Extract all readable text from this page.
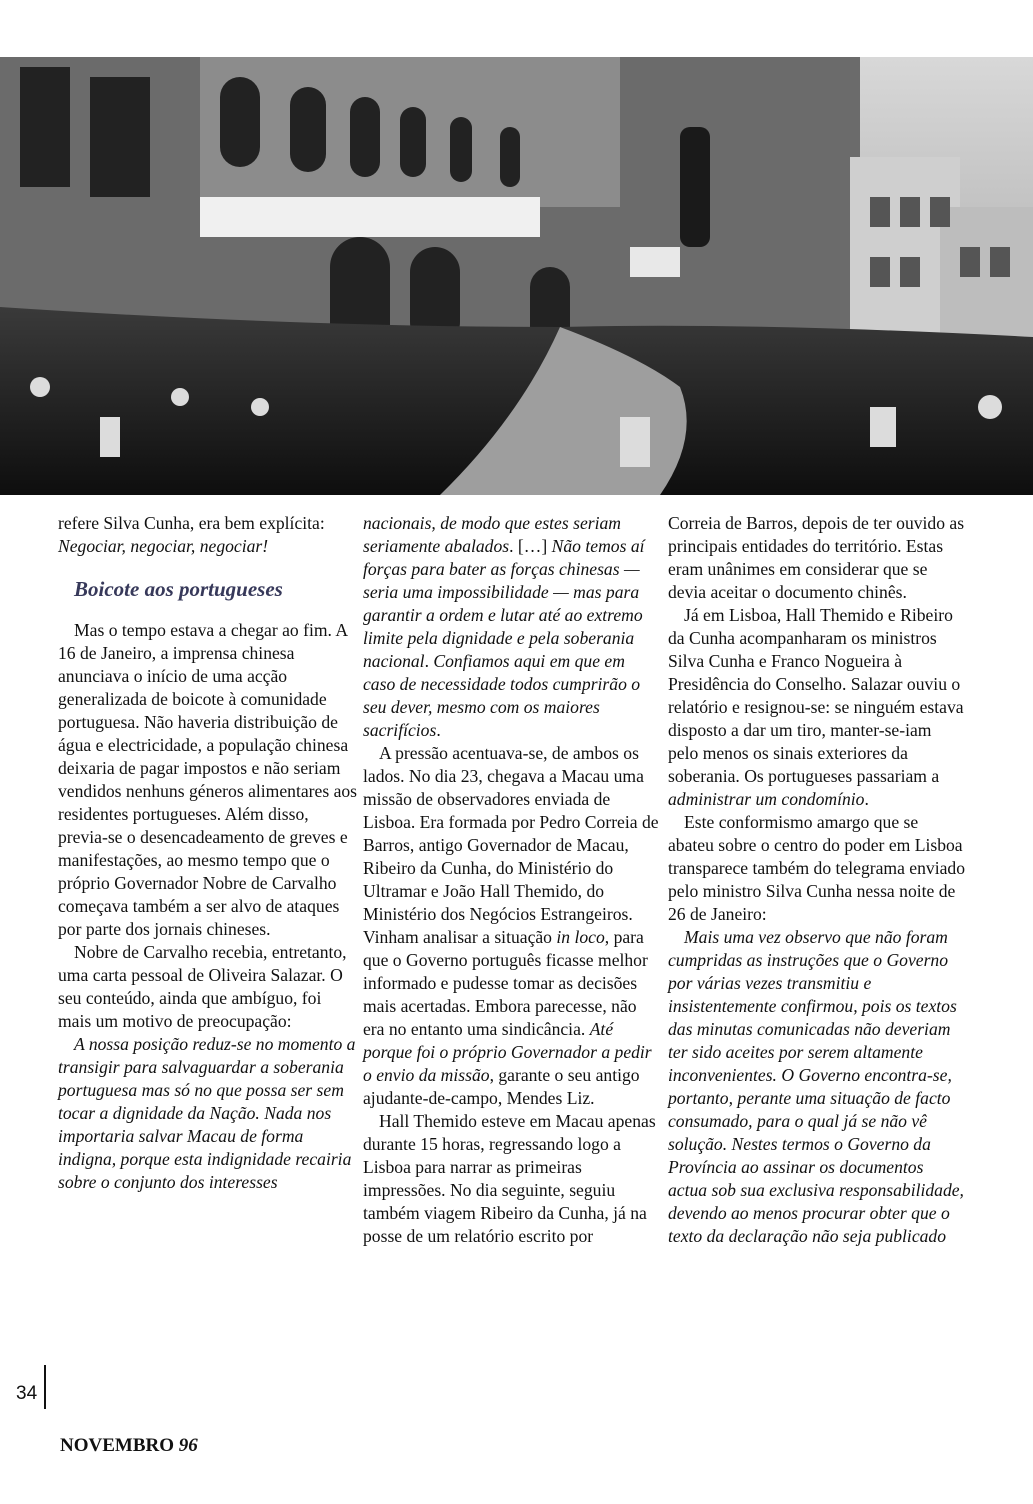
refere Silva Cunha, era bem explícita: Negociar, negociar, negociar!

Boicote aos portugueses

Mas o tempo estava a chegar ao fim. A 16 de Janeiro, a imprensa chinesa anunciava o início de uma acção generalizada de boicote à comunidade portuguesa. Não haveria distribuição de água e electricidade, a população chinesa deixaria de pagar impostos e não seriam vendidos nenhuns géneros alimentares aos residentes portugueses. Além disso, previa-se o desencadeamento de greves e manifestações, ao mesmo tempo que o próprio Governador Nobre de Carvalho começava também a ser alvo de ataques por parte dos jornais chineses.

Nobre de Carvalho recebia, entretanto, uma carta pessoal de Oliveira Salazar. O seu conteúdo, ainda que ambíguo, foi mais um motivo de preocupação:

A nossa posição reduz-se no momento a transigir para salvaguardar a soberania portuguesa mas só no que possa ser sem tocar a dignidade da Nação. Nada nos importaria salvar Macau de forma indigna, porque esta indignidade recairia sobre o conjunto dos interesses

nacionais, de modo que estes seriam seriamente abalados. […] Não temos aí forças para bater as forças chinesas — seria uma impossibilidade — mas para garantir a ordem e lutar até ao extremo limite pela dignidade e pela soberania nacional. Confiamos aqui em que em caso de necessidade todos cumprirão o seu dever, mesmo com os maiores sacrifícios.

A pressão acentuava-se, de ambos os lados. No dia 23, chegava a Macau uma missão de observadores enviada de Lisboa. Era formada por Pedro Correia de Barros, antigo Governador de Macau, Ribeiro da Cunha, do Ministério do Ultramar e João Hall Themido, do Ministério dos Negócios Estrangeiros. Vinham analisar a situação in loco, para que o Governo português ficasse melhor informado e pudesse tomar as decisões mais acertadas. Embora parecesse, não era no entanto uma sindicância. Até porque foi o próprio Governador a pedir o envio da missão, garante o seu antigo ajudante-de-campo, Mendes Liz.

Hall Themido esteve em Macau apenas durante 15 horas, regressando logo a Lisboa para narrar as primeiras impressões. No dia seguinte, seguiu também viagem Ribeiro da Cunha, já na posse de um relatório escrito por

Correia de Barros, depois de ter ouvido as principais entidades do território. Estas eram unânimes em considerar que se devia aceitar o documento chinês.

Já em Lisboa, Hall Themido e Ribeiro da Cunha acompanharam os ministros Silva Cunha e Franco Nogueira à Presidência do Conselho. Salazar ouviu o relatório e resignou-se: se ninguém estava disposto a dar um tiro, manter-se-iam pelo menos os sinais exteriores da soberania. Os portugueses passariam a administrar um condomínio.

Este conformismo amargo que se abateu sobre o centro do poder em Lisboa transparece também do telegrama enviado pelo ministro Silva Cunha nessa noite de 26 de Janeiro:

Mais uma vez observo que não foram cumpridas as instruções que o Governo por várias vezes transmitiu e insistentemente confirmou, pois os textos das minutas comunicadas não deveriam ter sido aceites por serem altamente inconvenientes. O Governo encontra-se, portanto, perante uma situação de facto consumado, para o qual já se não vê solução. Nestes termos o Governo da Província ao assinar os documentos actua sob sua exclusiva responsabilidade, devendo ao menos procurar obter que o texto da declaração não seja publicado

34
NOVEMBRO 96
